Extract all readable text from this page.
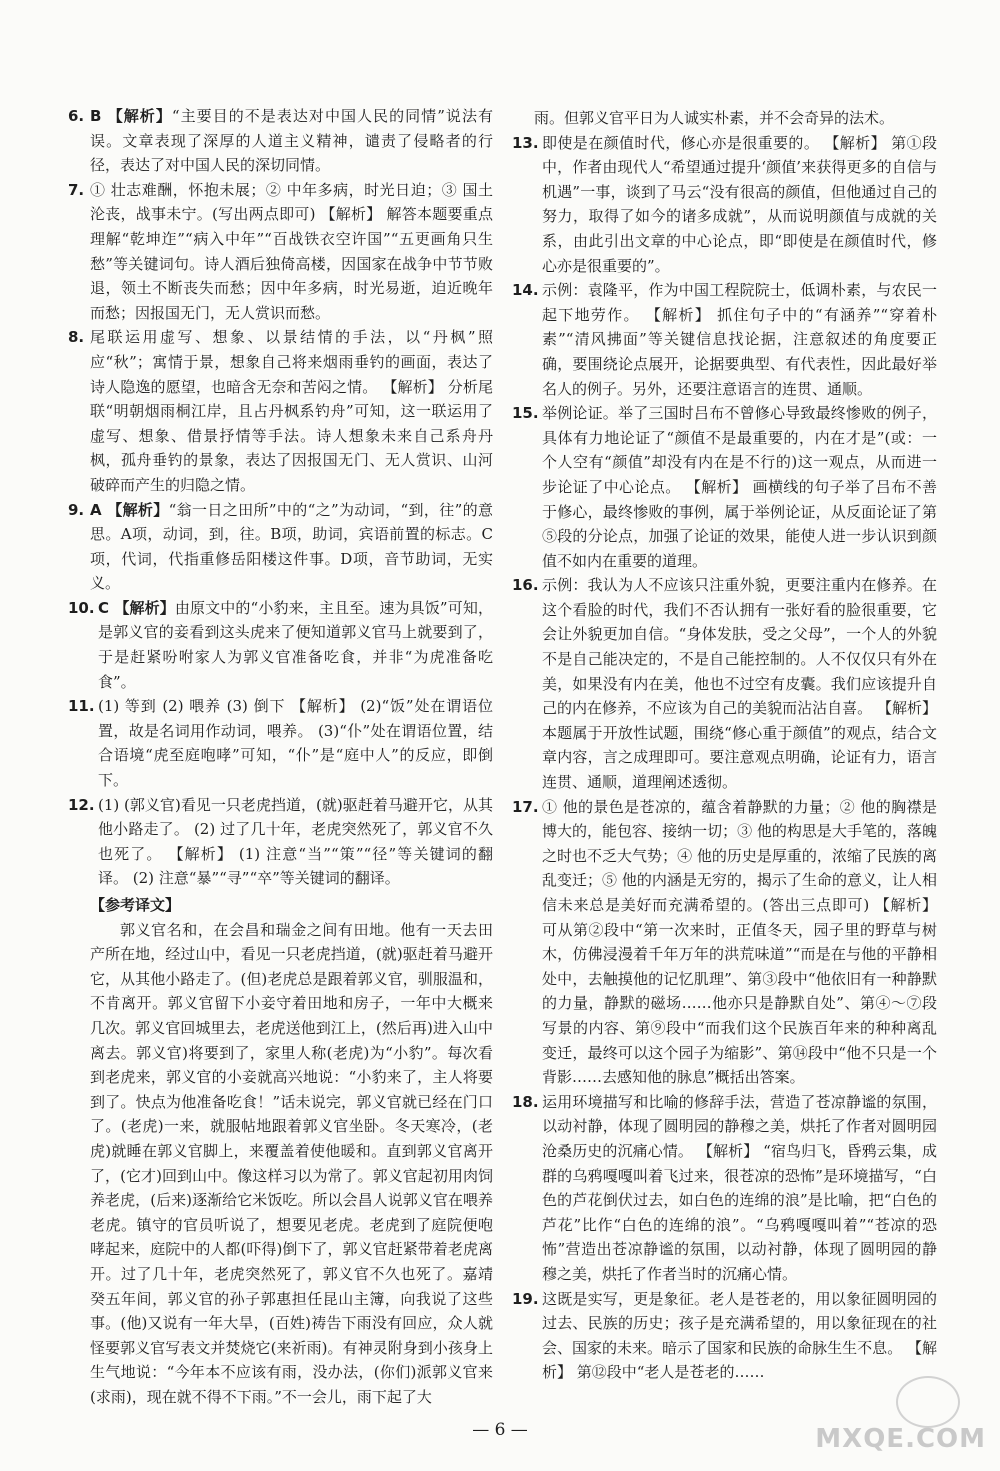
6. B 【解析】“主要目的不是表达对中国人民的同情”说法有误。文章表现了深厚的人道主义精神，谴责了侵略者的行径，表达了对中国人民的深切同情。
7. ① 壮志难酬，怀抱未展；② 中年多病，时光日迫；③ 国土沦丧，战事未宁。(写出两点即可) 【解析】 解答本题要重点理解“乾坤迮”“病入中年”“百战铁衣空许国”“五更画角只生愁”等关键词句。诗人酒后独倚高楼，因国家在战争中节节败退，领土不断丧失而愁；因中年多病，时光易逝，迫近晚年而愁；因报国无门，无人赏识而愁。
8. 尾联运用虚写、想象、以景结情的手法，以“丹枫”照应“秋”；寓情于景，想象自己将来烟雨垂钓的画面，表达了诗人隐逸的愿望，也暗含无奈和苦闷之情。 【解析】 分析尾联“明朝烟雨桐江岸，且占丹枫系钓舟”可知，这一联运用了虚写、想象、借景抒情等手法。诗人想象未来自己系舟丹枫，孤舟垂钓的景象，表达了因报国无门、无人赏识、山河破碎而产生的归隐之情。
9. A 【解析】“翁一日之田所”中的“之”为动词，“到，往”的意思。A项，动词，到，往。B项，助词，宾语前置的标志。C项，代词，代指重修岳阳楼这件事。D项，音节助词，无实义。
10. C 【解析】由原文中的“小豹来，主且至。速为具饭”可知，是郭义官的妾看到这头虎来了便知道郭义官马上就要到了，于是赶紧吩咐家人为郭义官准备吃食，并非“为虎准备吃食”。
11. (1) 等到 (2) 喂养 (3) 倒下 【解析】 (2)“饭”处在谓语位置，故是名词用作动词，喂养。 (3)“仆”处在谓语位置，结合语境“虎至庭咆哮”可知，“仆”是“庭中人”的反应，即倒下。
12. (1) (郭义官)看见一只老虎挡道，(就)驱赶着马避开它，从其他小路走了。 (2) 过了几十年，老虎突然死了，郭义官不久也死了。 【解析】 (1) 注意“当”“策”“径”等关键词的翻译。 (2) 注意“暴”“寻”“卒”等关键词的翻译。
【参考译文】
郭义官名和，在会昌和瑞金之间有田地。他有一天去田产所在地，经过山中，看见一只老虎挡道，(就)驱赶着马避开它，从其他小路走了。(但)老虎总是跟着郭义官，驯服温和，不肯离开。郭义官留下小妾守着田地和房子，一年中大概来几次。郭义官回城里去，老虎送他到江上，(然后再)进入山中离去。郭义官)将要到了，家里人称(老虎)为“小豹”。每次看到老虎来，郭义官的小妾就高兴地说：“小豹来了，主人将要到了。快点为他准备吃食！”话未说完，郭义官就已经在门口了。(老虎)一来，就服帖地跟着郭义官坐卧。冬天寒冷，(老虎)就睡在郭义官脚上，来覆盖着使他暖和。直到郭义官离开了，(它才)回到山中。像这样习以为常了。郭义官起初用肉饲养老虎，(后来)逐渐给它米饭吃。所以会昌人说郭义官在喂养老虎。镇守的官员听说了，想要见老虎。老虎到了庭院便咆哮起来，庭院中的人都(吓得)倒下了，郭义官赶紧带着老虎离开。过了几十年，老虎突然死了，郭义官不久也死了。嘉靖癸五年间，郭义官的孙子郭惠担任昆山主簿，向我说了这些事。(他)又说有一年大旱，(百姓)祷告下雨没有回应，众人就怪要郭义官写表文并焚烧它(来祈雨)。有神灵附身到小孩身上生气地说：“今年本不应该有雨，没办法，(你们)派郭义官来(求雨)，现在就不得不下雨。”不一会儿，雨下起了大
雨。但郭义官平日为人诚实朴素，并不会奇异的法术。
13. 即使是在颜值时代，修心亦是很重要的。 【解析】 第①段中，作者由现代人“希望通过提升‘颜值’来获得更多的自信与机遇”一事，谈到了马云“没有很高的颜值，但他通过自己的努力，取得了如今的诸多成就”，从而说明颜值与成就的关系，由此引出文章的中心论点，即“即使是在颜值时代，修心亦是很重要的”。
14. 示例：袁隆平，作为中国工程院院士，低调朴素，与农民一起下地劳作。 【解析】 抓住句子中的“有涵养”“穿着朴素”“清风拂面”等关键信息找论据，注意叙述的角度要正确，要围绕论点展开，论据要典型、有代表性，因此最好举名人的例子。另外，还要注意语言的连贯、通顺。
15. 举例论证。举了三国时吕布不曾修心导致最终惨败的例子，具体有力地论证了“颜值不是最重要的，内在才是”(或：一个人空有“颜值”却没有内在是不行的)这一观点，从而进一步论证了中心论点。 【解析】 画横线的句子举了吕布不善于修心，最终惨败的事例，属于举例论证，从反面论证了第⑤段的分论点，加强了论证的效果，能使人进一步认识到颜值不如内在重要的道理。
16. 示例：我认为人不应该只注重外貌，更要注重内在修养。在这个看脸的时代，我们不否认拥有一张好看的脸很重要，它会让外貌更加自信。“身体发肤，受之父母”，一个人的外貌不是自己能决定的，不是自己能控制的。人不仅仅只有外在美，如果没有内在美，他也不过空有皮囊。我们应该提升自己的内在修养，不应该为自己的美貌而沾沾自喜。 【解析】 本题属于开放性试题，围绕“修心重于颜值”的观点，结合文章内容，言之成理即可。要注意观点明确，论证有力，语言连贯、通顺，道理阐述透彻。
17. ① 他的景色是苍凉的，蕴含着静默的力量；② 他的胸襟是博大的，能包容、接纳一切；③ 他的构思是大手笔的，落魄之时也不乏大气势；④ 他的历史是厚重的，浓缩了民族的离乱变迁；⑤ 他的内涵是无穷的，揭示了生命的意义，让人相信未来总是美好而充满希望的。(答出三点即可) 【解析】 可从第②段中“第一次来时，正值冬天，园子里的野草与树木，仿佛浸漫着千年万年的洪荒味道”“而是在与他的平静相处中，去触摸他的记忆肌理”、第③段中“他依旧有一种静默的力量，静默的磁场……他亦只是静默自处”、第④～⑦段写景的内容、第⑨段中“而我们这个民族百年来的种种离乱变迁，最终可以这个园子为缩影”、第⑭段中“他不只是一个背影……去感知他的脉息”概括出答案。
18. 运用环境描写和比喻的修辞手法，营造了苍凉静谧的氛围，以动衬静，体现了圆明园的静穆之美，烘托了作者对圆明园沧桑历史的沉痛心情。 【解析】 “宿鸟归飞，昏鸦云集，成群的乌鸦嘎嘎叫着飞过来，很苍凉的恐怖”是环境描写，“白色的芦花倒伏过去，如白色的连绵的浪”是比喻，把“白色的芦花”比作“白色的连绵的浪”。“乌鸦嘎嘎叫着”“苍凉的恐怖”营造出苍凉静谧的氛围，以动衬静，体现了圆明园的静穆之美，烘托了作者当时的沉痛心情。
19. 这既是实写，更是象征。老人是苍老的，用以象征圆明园的过去、民族的历史；孩子是充满希望的，用以象征现在的社会、国家的未来。暗示了国家和民族的命脉生生不息。 【解析】 第⑫段中“老人是苍老的……
— 6 —	MXQE.COM
